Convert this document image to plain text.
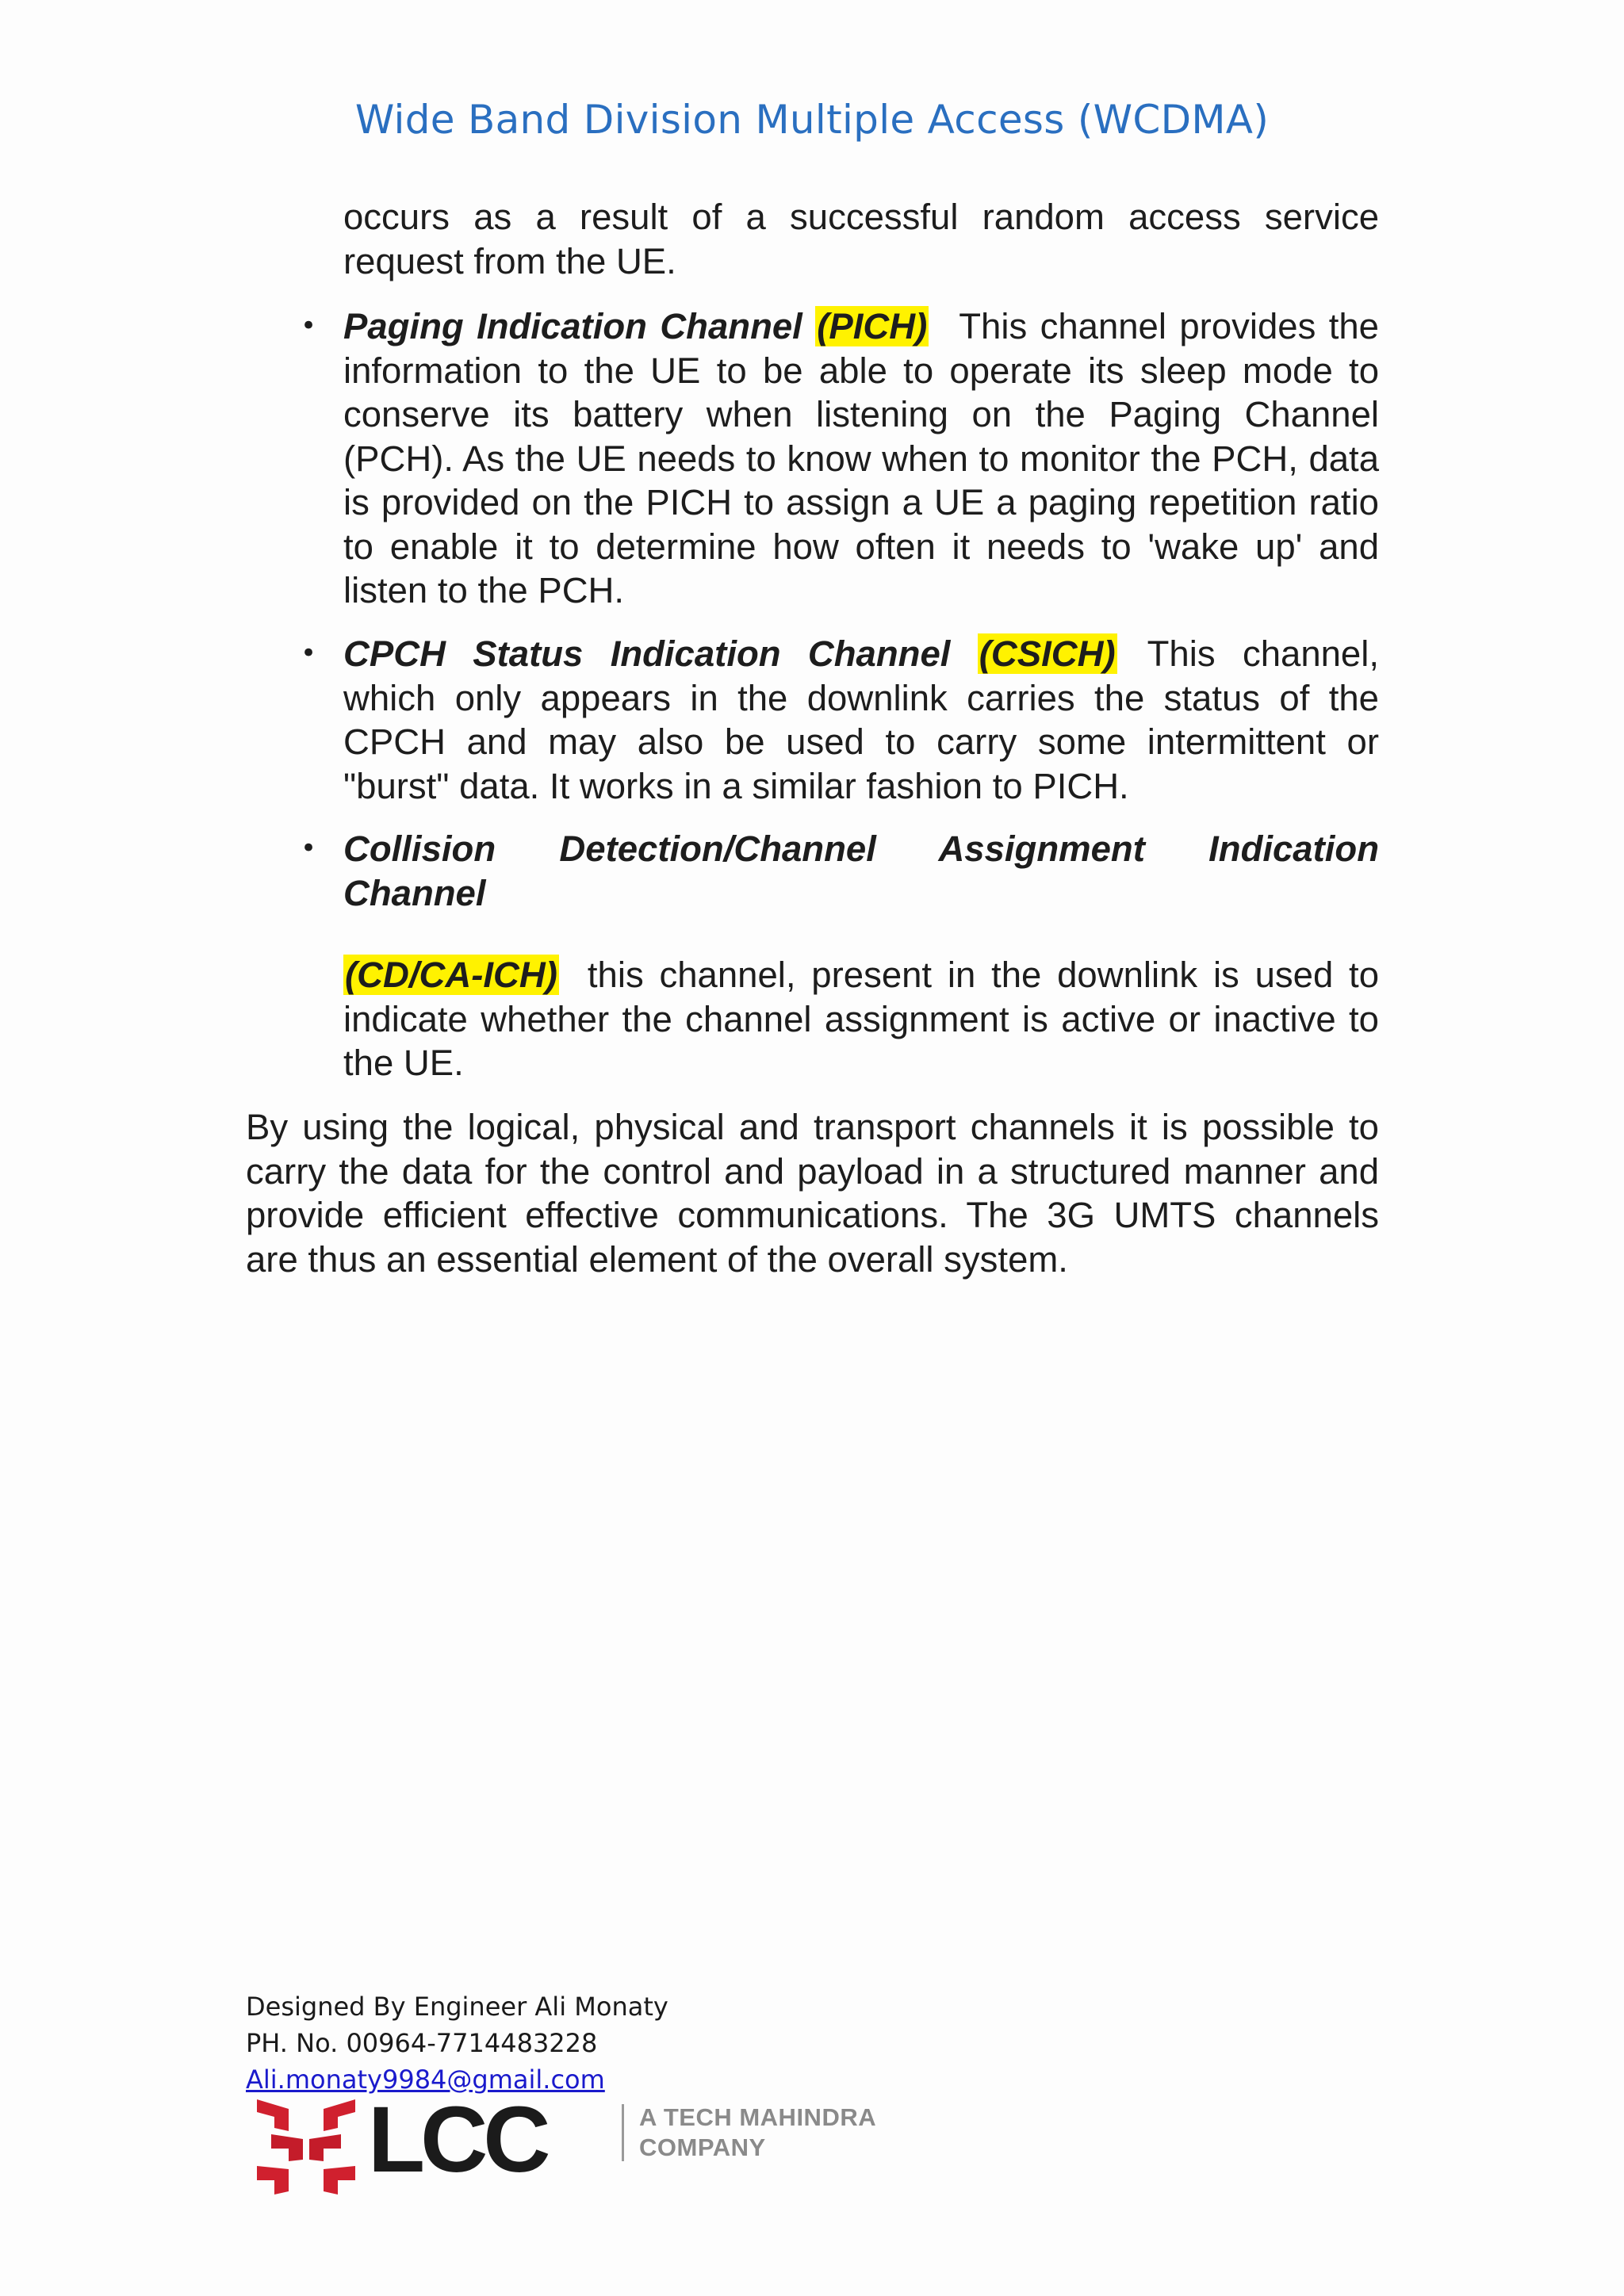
Wide Band Division Multiple Access (WCDMA)
occurs as a result of a successful random access service request from the UE.
• Paging Indication Channel (PICH) This channel provides the information to the UE to be able to operate its sleep mode to conserve its battery when listening on the Paging Channel (PCH). As the UE needs to know when to monitor the PCH, data is provided on the PICH to assign a UE a paging repetition ratio to enable it to determine how often it needs to 'wake up' and listen to the PCH.
• CPCH Status Indication Channel (CSICH) This channel, which only appears in the downlink carries the status of the CPCH and may also be used to carry some intermittent or "burst" data. It works in a similar fashion to PICH.
• Collision Detection/Channel Assignment Indication
Channel
(CD/CA-ICH) this channel, present in the downlink is used to indicate whether the channel assignment is active or inactive to the UE.
By using the logical, physical and transport channels it is possible to carry the data for the control and payload in a structured manner and provide efficient effective communications. The 3G UMTS channels are thus an essential element of the overall system.
Designed By Engineer Ali Monaty
PH. No. 00964-7714483228
Ali.monaty9984@gmail.com
LCC	A TECH MAHINDRA
COMPANY
